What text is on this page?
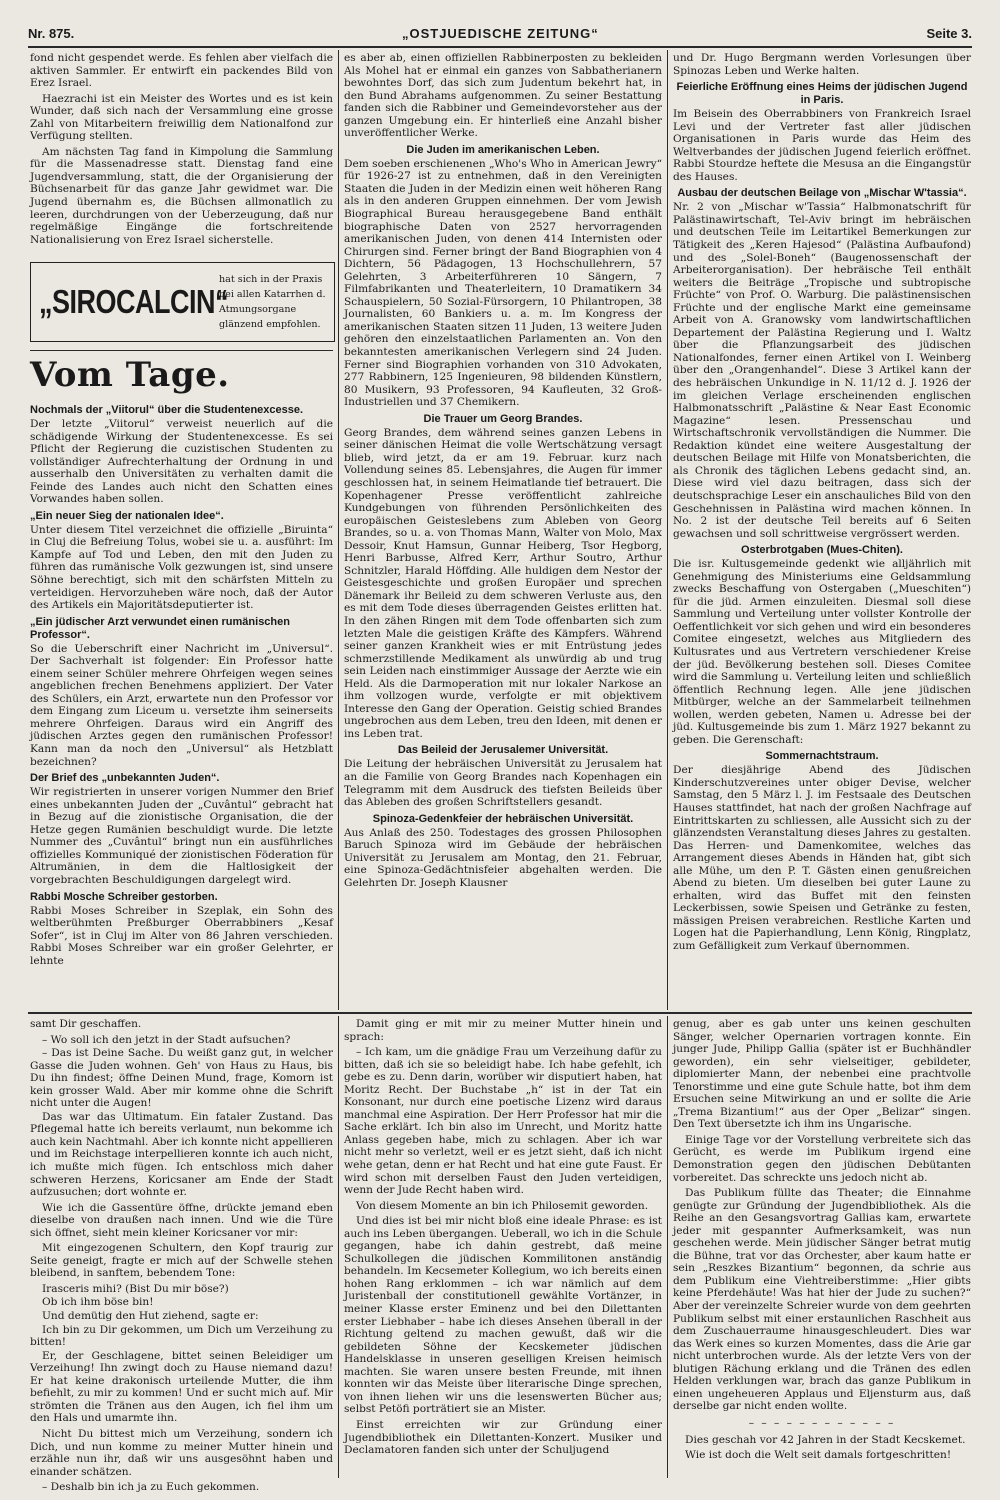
Nr. 875.	„OSTJUEDISCHE ZEITUNG“	Seite 3.

fond nicht gespendet werde. Es fehlen aber vielfach die aktiven Sammler. Er entwirft ein packendes Bild von Erez Israel.

Haezrachi ist ein Meister des Wortes und es ist kein Wunder, daß sich nach der Versammlung eine grosse Zahl von Mitarbeitern freiwillig dem Nationalfond zur Verfügung stellten.

Am nächsten Tag fand in Kimpolung die Sammlung für die Massenadresse statt. Dienstag fand eine Jugendversammlung, statt, die der Organisierung der Büchsenarbeit für das ganze Jahr gewidmet war. Die Jugend übernahm es, die Büchsen allmonatlich zu leeren, durchdrungen von der Ueberzeugung, daß nur regelmäßige Eingänge die fortschreitende Nationalisierung von Erez Israel sicherstelle.

„SIROCALCIN“
hat sich in der Praxis bei allen Katarrhen d. Atmungsorgane glänzend empfohlen.
Vom Tage.
Nochmals der „Viitorul“ über die Studentenexcesse.

Der letzte „Viitorul“ verweist neuerlich auf die schädigende Wirkung der Studentenexcesse. Es sei Pflicht der Regierung die cuzistischen Studenten zu vollständiger Aufrechterhaltung der Ordnung in und ausserhalb den Universitäten zu verhalten damit die Feinde des Landes auch nicht den Schatten eines Vorwandes haben sollen.

„Ein neuer Sieg der nationalen Idee“.

Unter diesem Titel verzeichnet die offizielle „Biruinta“ in Cluj die Befreiung Tolus, wobei sie u. a. ausführt: Im Kampfe auf Tod und Leben, den mit den Juden zu führen das rumänische Volk gezwungen ist, sind unsere Söhne berechtigt, sich mit den schärfsten Mitteln zu verteidigen. Hervorzuheben wäre noch, daß der Autor des Artikels ein Majoritätsdeputierter ist.

„Ein jüdischer Arzt verwundet einen rumänischen Professor“.

So die Ueberschrift einer Nachricht im „Universul“. Der Sachverhalt ist folgender: Ein Professor hatte einem seiner Schüler mehrere Ohrfeigen wegen seines angeblichen frechen Benehmens appliziert. Der Vater des Schülers, ein Arzt, erwartete nun den Professor vor dem Eingang zum Liceum u. versetzte ihm seinerseits mehrere Ohrfeigen. Daraus wird ein Angriff des jüdischen Arztes gegen den rumänischen Professor! Kann man da noch den „Universul“ als Hetzblatt bezeichnen?

Der Brief des „unbekannten Juden“.

Wir registrierten in unserer vorigen Nummer den Brief eines unbekannten Juden der „Cuvântul“ gebracht hat in Bezug auf die zionistische Organisation, die der Hetze gegen Rumänien beschuldigt wurde. Die letzte Nummer des „Cuvântul“ bringt nun ein ausführliches offizielles Kommuniqué der zionistischen Föderation für Altrumänien, in dem die Haltlosigkeit der vorgebrachten Beschuldigungen dargelegt wird.

Rabbi Mosche Schreiber gestorben.

Rabbi Moses Schreiber in Szeplak, ein Sohn des weltberühmten Preßburger Oberrabbiners „Kesaf Sofer“, ist in Cluj im Alter von 86 Jahren verschieden. Rabbi Moses Schreiber war ein großer Gelehrter, er lehnte

es aber ab, einen offiziellen Rabbinerposten zu bekleiden Als Mohel hat er einmal ein ganzes von Sabbatherianern bewohntes Dorf, das sich zum Judentum bekehrt hat, in den Bund Abrahams aufgenommen. Zu seiner Bestattung fanden sich die Rabbiner und Gemeindevorsteher aus der ganzen Umgebung ein. Er hinterließ eine Anzahl bisher unveröffentlicher Werke.

Die Juden im amerikanischen Leben.

Dem soeben erschienenen „Who's Who in American Jewry“ für 1926-27 ist zu entnehmen, daß in den Vereinigten Staaten die Juden in der Medizin einen weit höheren Rang als in den anderen Gruppen einnehmen. Der vom Jewish Biographical Bureau herausgegebene Band enthält biographische Daten von 2527 hervorragenden amerikanischen Juden, von denen 414 Internisten oder Chirurgen sind. Ferner bringt der Band Biographien von 4 Dichtern, 56 Pädagogen, 13 Hochschullehrern, 57 Gelehrten, 3 Arbeiterführeren 10 Sängern, 7 Filmfabrikanten und Theaterleitern, 10 Dramatikern 34 Schauspielern, 50 Sozial-Fürsorgern, 10 Philantropen, 38 Journalisten, 60 Bankiers u. a. m. Im Kongress der amerikanischen Staaten sitzen 11 Juden, 13 weitere Juden gehören den einzelstaatlichen Parlamenten an. Von den bekanntesten amerikanischen Verlegern sind 24 Juden. Ferner sind Biographien vorhanden von 310 Advokaten, 277 Rabbinern, 125 Ingenieuren, 98 bildenden Künstlern, 80 Musikern, 93 Professoren, 94 Kaufleuten, 32 Groß-Industriellen und 37 Chemikern.

Die Trauer um Georg Brandes.

Georg Brandes, dem während seines ganzen Lebens in seiner dänischen Heimat die volle Wertschätzung versagt blieb, wird jetzt, da er am 19. Februar. kurz nach Vollendung seines 85. Lebensjahres, die Augen für immer geschlossen hat, in seinem Heimatlande tief betrauert. Die Kopenhagener Presse veröffentlicht zahlreiche Kundgebungen von führenden Persönlichkeiten des europäischen Geisteslebens zum Ableben von Georg Brandes, so u. a. von Thomas Mann, Walter von Molo, Max Dessoir, Knut Hamsun, Gunnar Heiberg, Tsor Hegborg, Henri Barbusse, Alfred Kerr, Arthur Soutro, Arthur Schnitzler, Harald Höffding. Alle huldigen dem Nestor der Geistesgeschichte und großen Europäer und sprechen Dänemark ihr Beileid zu dem schweren Verluste aus, den es mit dem Tode dieses überragenden Geistes erlitten hat. In den zähen Ringen mit dem Tode offenbarten sich zum letzten Male die geistigen Kräfte des Kämpfers. Während seiner ganzen Krankheit wies er mit Entrüstung jedes schmerzstillende Medikament als unwürdig ab und trug sein Leiden nach einstimmiger Aussage der Aerzte wie ein Held. Als die Darmoperation mit nur lokaler Narkose an ihm vollzogen wurde, verfolgte er mit objektivem Interesse den Gang der Operation. Geistig schied Brandes ungebrochen aus dem Leben, treu den Ideen, mit denen er ins Leben trat.

Das Beileid der Jerusalemer Universität.

Die Leitung der hebräischen Universität zu Jerusalem hat an die Familie von Georg Brandes nach Kopenhagen ein Telegramm mit dem Ausdruck des tiefsten Beileids über das Ableben des großen Schriftstellers gesandt.

Spinoza-Gedenkfeier der hebräischen Universität.

Aus Anlaß des 250. Todestages des grossen Philosophen Baruch Spinoza wird im Gebäude der hebräischen Universität zu Jerusalem am Montag, den 21. Februar, eine Spinoza-Gedächtnisfeier abgehalten werden. Die Gelehrten Dr. Joseph Klausner

und Dr. Hugo Bergmann werden Vorlesungen über Spinozas Leben und Werke halten.

Feierliche Eröffnung eines Heims der jüdischen Jugend in Paris.

Im Beisein des Oberrabbiners von Frankreich Israel Levi und der Vertreter fast aller jüdischen Organisationen in Paris wurde das Heim des Weltverbandes der jüdischen Jugend feierlich eröffnet. Rabbi Stourdze heftete die Mesusa an die Eingangstür des Hauses.

Ausbau der deutschen Beilage von „Mischar W'tassia“.

Nr. 2 von „Mischar w'Tassia“ Halbmonatschrift für Palästinawirtschaft, Tel-Aviv bringt im hebräischen und deutschen Teile im Leitartikel Bemerkungen zur Tätigkeit des „Keren Hajesod“ (Palästina Aufbaufond) und des „Solel-Boneh“ (Baugenossenschaft der Arbeiterorganisation). Der hebräische Teil enthält weiters die Beiträge „Tropische und subtropische Früchte“ von Prof. O. Warburg. Die palästinensischen Früchte und der englische Markt eine gemeinsame Arbeit von A. Granowsky vom landwirtschaftlichen Departement der Palästina Regierung und I. Waltz über die Pflanzungsarbeit des jüdischen Nationalfondes, ferner einen Artikel von I. Weinberg über den „Orangenhandel“. Diese 3 Artikel kann der des hebräischen Unkundige in N. 11/12 d. J. 1926 der im gleichen Verlage erscheinenden englischen Halbmonatsschrift „Palästine & Near East Economic Magazine“ lesen. Pressenschau und Wirtschaftschronik vervollständigen die Nummer. Die Redaktion kündet eine weitere Ausgestaltung der deutschen Beilage mit Hilfe von Monatsberichten, die als Chronik des täglichen Lebens gedacht sind, an. Diese wird viel dazu beitragen, dass sich der deutschsprachige Leser ein anschauliches Bild von den Geschehnissen in Palästina wird machen können. In No. 2 ist der deutsche Teil bereits auf 6 Seiten gewachsen und soll schrittweise vergrössert werden.

Osterbrotgaben (Mues-Chiten).

Die isr. Kultusgemeinde gedenkt wie alljährlich mit Genehmigung des Ministeriums eine Geldsammlung zwecks Beschaffung von Ostergaben („Mueschiten“) für die jüd. Armen einzuleiten. Diesmal soll diese Sammlung und Verteilung unter vollster Kontrolle der Oeffentlichkeit vor sich gehen und wird ein besonderes Comitee eingesetzt, welches aus Mitgliedern des Kultusrates und aus Vertretern verschiedener Kreise der jüd. Bevölkerung bestehen soll. Dieses Comitee wird die Sammlung u. Verteilung leiten und schließlich öffentlich Rechnung legen. Alle jene jüdischen Mitbürger, welche an der Sammelarbeit teilnehmen wollen, werden gebeten, Namen u. Adresse bei der jüd. Kultusgemeinde bis zum 1. März 1927 bekannt zu geben. Die Gerenschaft:

Sommernachtstraum.

Der diesjährige Abend des Jüdischen Kinderschutzvereines unter obiger Devise, welcher Samstag, den 5 März l. J. im Festsaale des Deutschen Hauses stattfindet, hat nach der großen Nachfrage auf Eintrittskarten zu schliessen, alle Aussicht sich zu der glänzendsten Veranstaltung dieses Jahres zu gestalten. Das Herren- und Damenkomitee, welches das Arrangement dieses Abends in Händen hat, gibt sich alle Mühe, um den P. T. Gästen einen genußreichen Abend zu bieten. Um dieselben bei guter Laune zu erhalten, wird das Buffet mit den feinsten Leckerbissen, sowie Speisen und Getränke zu festen, mässigen Preisen verabreichen. Restliche Karten und Logen hat die Papierhandlung, Lenn König, Ringplatz, zum Gefälligkeit zum Verkauf übernommen.

samt Dir geschaffen.

– Wo soll ich den jetzt in der Stadt aufsuchen?

– Das ist Deine Sache. Du weißt ganz gut, in welcher Gasse die Juden wohnen. Geh' von Haus zu Haus, bis Du ihn findest; öffne Deinen Mund, frage, Komorn ist kein grosser Wald. Aber mir komme ohne die Schrift nicht unter die Augen!

Das war das Ultimatum. Ein fataler Zustand. Das Pflegemal hatte ich bereits verlaumt, nun bekomme ich auch kein Nachtmahl. Aber ich konnte nicht appellieren und im Reichstage interpellieren konnte ich auch nicht, ich mußte mich fügen. Ich entschloss mich daher schweren Herzens, Koricsaner am Ende der Stadt aufzusuchen; dort wohnte er.

Wie ich die Gassentüre öffne, drückte jemand eben dieselbe von draußen nach innen. Und wie die Türe sich öffnet, sieht mein kleiner Koricsaner vor mir:

Mit eingezogenen Schultern, den Kopf traurig zur Seite geneigt, fragte er mich auf der Schwelle stehen bleibend, in sanftem, bebendem Tone:

Irasceris mihi? (Bist Du mir böse?)

Ob ich ihm böse bin!

Und demütig den Hut ziehend, sagte er:

Ich bin zu Dir gekommen, um Dich um Verzeihung zu bitten!

Er, der Geschlagene, bittet seinen Beleidiger um Verzeihung! Ihn zwingt doch zu Hause niemand dazu! Er hat keine drakonisch urteilende Mutter, die ihm befiehlt, zu mir zu kommen! Und er sucht mich auf. Mir strömten die Tränen aus den Augen, ich fiel ihm um den Hals und umarmte ihn.

Nicht Du bittest mich um Verzeihung, sondern ich Dich, und nun komme zu meiner Mutter hinein und erzähle nun ihr, daß wir uns ausgesöhnt haben und einander schätzen.

– Deshalb bin ich ja zu Euch gekommen.

Damit ging er mit mir zu meiner Mutter hinein und sprach:

– Ich kam, um die gnädige Frau um Verzeihung dafür zu bitten, daß ich sie so beleidigt habe. Ich habe gefehlt, ich gebe es zu. Denn darin, worüber wir disputiert haben, hat Moritz Recht. Der Buchstabe „h“ ist in der Tat ein Konsonant, nur durch eine poetische Lizenz wird daraus manchmal eine Aspiration. Der Herr Professor hat mir die Sache erklärt. Ich bin also im Unrecht, und Moritz hatte Anlass gegeben habe, mich zu schlagen. Aber ich war nicht mehr so verletzt, weil er es jetzt sieht, daß ich nicht wehe getan, denn er hat Recht und hat eine gute Faust. Er wird schon mit derselben Faust den Juden verteidigen, wenn der Jude Recht haben wird.

Von diesem Momente an bin ich Philosemit geworden.

Und dies ist bei mir nicht bloß eine ideale Phrase: es ist auch ins Leben übergangen. Ueberall, wo ich in die Schule gegangen, habe ich dahin gestrebt, daß meine Schulkollegen die jüdischen Kommilitonen anständig behandeln. Im Kecsemeter Kollegium, wo ich bereits einen hohen Rang erklommen – ich war nämlich auf dem Juristenball der constitutionell gewählte Vortänzer, in meiner Klasse erster Eminenz und bei den Dilettanten erster Liebhaber – habe ich dieses Ansehen überall in der Richtung geltend zu machen gewußt, daß wir die gebildeten Söhne der Kecskemeter jüdischen Handelsklasse in unseren geselligen Kreisen heimisch machten. Sie waren unsere besten Freunde, mit ihnen konnten wir das Meiste über literarische Dinge sprechen, von ihnen liehen wir uns die lesenswerten Bücher aus; selbst Petöfi porträtiert sie an Mister.

Einst erreichten wir zur Gründung einer Jugendbibliothek ein Dilettanten-Konzert. Musiker und Declamatoren fanden sich unter der Schuljugend

genug, aber es gab unter uns keinen geschulten Sänger, welcher Opernarien vortragen konnte. Ein junger Jude, Philipp Gallia (später ist er Buchhändler geworden), ein sehr vielseitiger, gebildeter, diplomierter Mann, der nebenbei eine prachtvolle Tenorstimme und eine gute Schule hatte, bot ihm dem Ersuchen seine Mitwirkung an und er sollte die Arie „Trema Bizantium!“ aus der Oper „Belizar“ singen. Den Text übersetzte ich ihm ins Ungarische.

Einige Tage vor der Vorstellung verbreitete sich das Gerücht, es werde im Publikum irgend eine Demonstration gegen den jüdischen Debütanten vorbereitet. Das schreckte uns jedoch nicht ab.

Das Publikum füllte das Theater; die Einnahme genügte zur Gründung der Jugendbibliothek. Als die Reihe an den Gesangsvortrag Gallias kam, erwartete jeder mit gespannter Aufmerksamkeit, was nun geschehen werde. Mein jüdischer Sänger betrat mutig die Bühne, trat vor das Orchester, aber kaum hatte er sein „Reszkes Bizantium“ begonnen, da schrie aus dem Publikum eine Viehtreiberstimme: „Hier gibts keine Pferdehäute! Was hat hier der Jude zu suchen?“ Aber der vereinzelte Schreier wurde von dem geehrten Publikum selbst mit einer erstaunlichen Raschheit aus dem Zuschauerraume hinausgeschleudert. Dies war das Werk eines so kurzen Momentes, dass die Arie gar nicht unterbrochen wurde. Als der letzte Vers von der blutigen Rächung erklang und die Tränen des edlen Helden verklungen war, brach das ganze Publikum in einen ungeheueren Applaus und Eljensturm aus, daß derselbe gar nicht enden wollte.

– – – – – – – – – – – –

Dies geschah vor 42 Jahren in der Stadt Kecskemet.

Wie ist doch die Welt seit damals fortgeschritten!
